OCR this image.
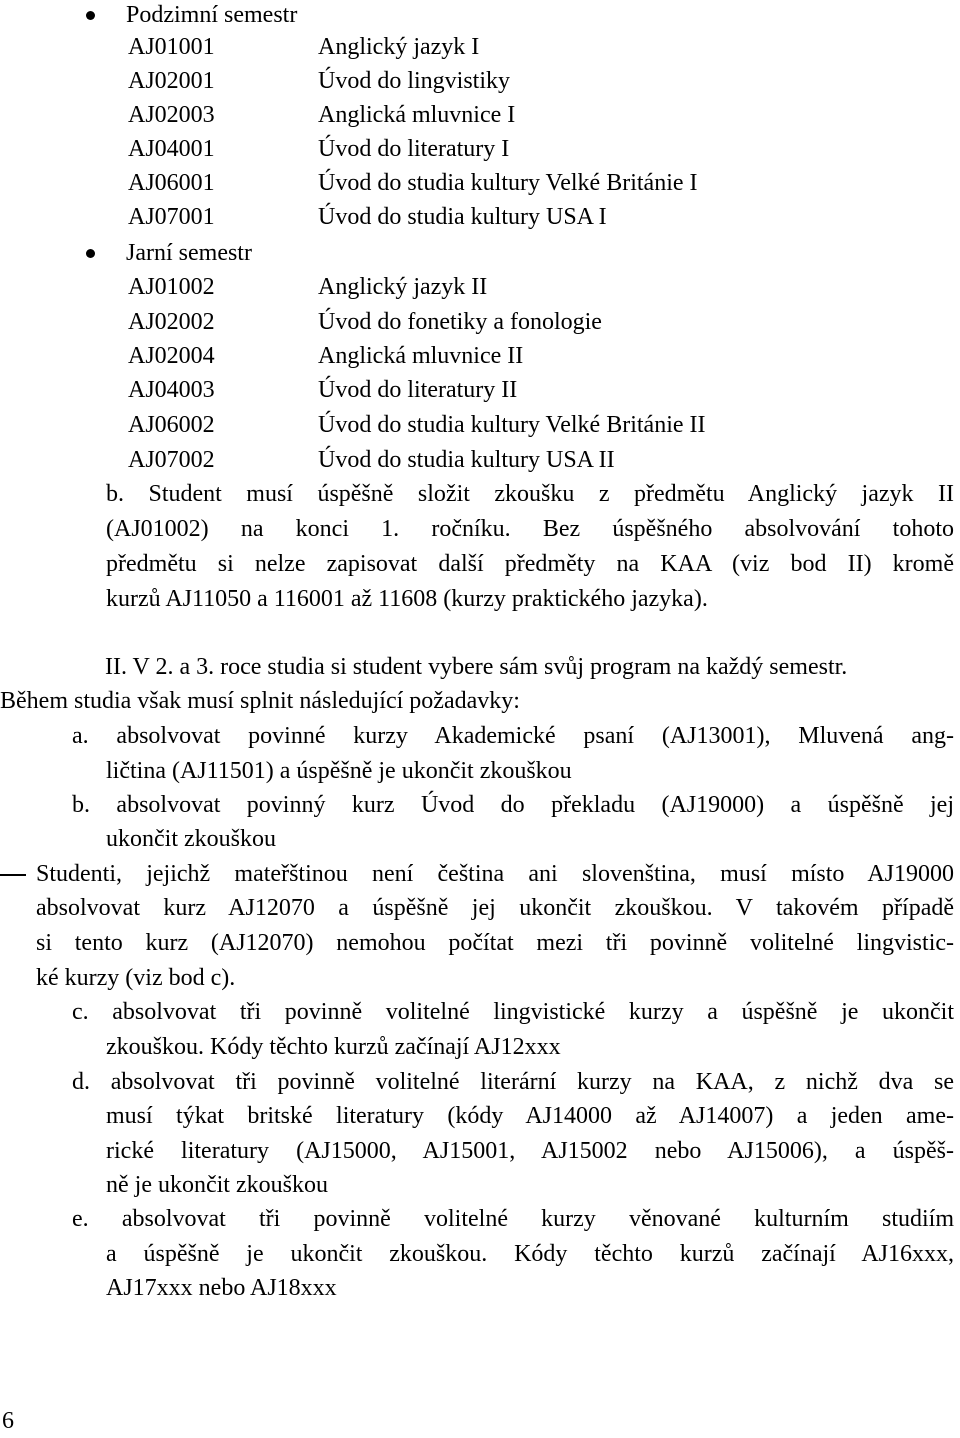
Podzimní semestr
AJ01001	Anglický jazyk I
AJ02001	Úvod do lingvistiky
AJ02003	Anglická mluvnice I
AJ04001	Úvod do literatury I
AJ06001	Úvod do studia kultury Velké Británie I
AJ07001	Úvod do studia kultury USA I
Jarní semestr
AJ01002	Anglický jazyk II
AJ02002	Úvod do fonetiky a fonologie
AJ02004	Anglická mluvnice II
AJ04003	Úvod do literatury II
AJ06002	Úvod do studia kultury Velké Británie II
AJ07002	Úvod do studia kultury USA II
b. Student musí úspěšně složit zkoušku z předmětu Anglický jazyk II
(AJ01002) na konci 1. ročníku. Bez úspěšného absolvování tohoto
předmětu si nelze zapisovat další předměty na KAA (viz bod II) kromě
kurzů AJ11050 a 116001 až 11608 (kurzy praktického jazyka).
II. V 2. a 3. roce studia si student vybere sám svůj program na každý semestr.
Během studia však musí splnit následující požadavky:
a. absolvovat povinné kurzy Akademické psaní (AJ13001), Mluvená ang-
ličtina (AJ11501) a úspěšně je ukončit zkouškou
b. absolvovat povinný kurz Úvod do překladu (AJ19000) a úspěšně jej
ukončit zkouškou
Studenti, jejichž mateřštinou není čeština ani slovenština, musí místo AJ19000
absolvovat kurz AJ12070 a úspěšně jej ukončit zkouškou. V takovém případě
si tento kurz (AJ12070) nemohou počítat mezi tři povinně volitelné lingvistic-
ké kurzy (viz bod c).
c. absolvovat tři povinně volitelné lingvistické kurzy a úspěšně je ukončit
zkouškou. Kódy těchto kurzů začínají AJ12xxx
d. absolvovat tři povinně volitelné literární kurzy na KAA, z nichž dva se
musí týkat britské literatury (kódy AJ14000 až AJ14007) a jeden ame-
rické literatury (AJ15000, AJ15001, AJ15002 nebo AJ15006), a úspěš-
ně je ukončit zkouškou
e. absolvovat tři povinně volitelné kurzy věnované kulturním studiím
a úspěšně je ukončit zkouškou. Kódy těchto kurzů začínají AJ16xxx,
AJ17xxx nebo AJ18xxx
6
